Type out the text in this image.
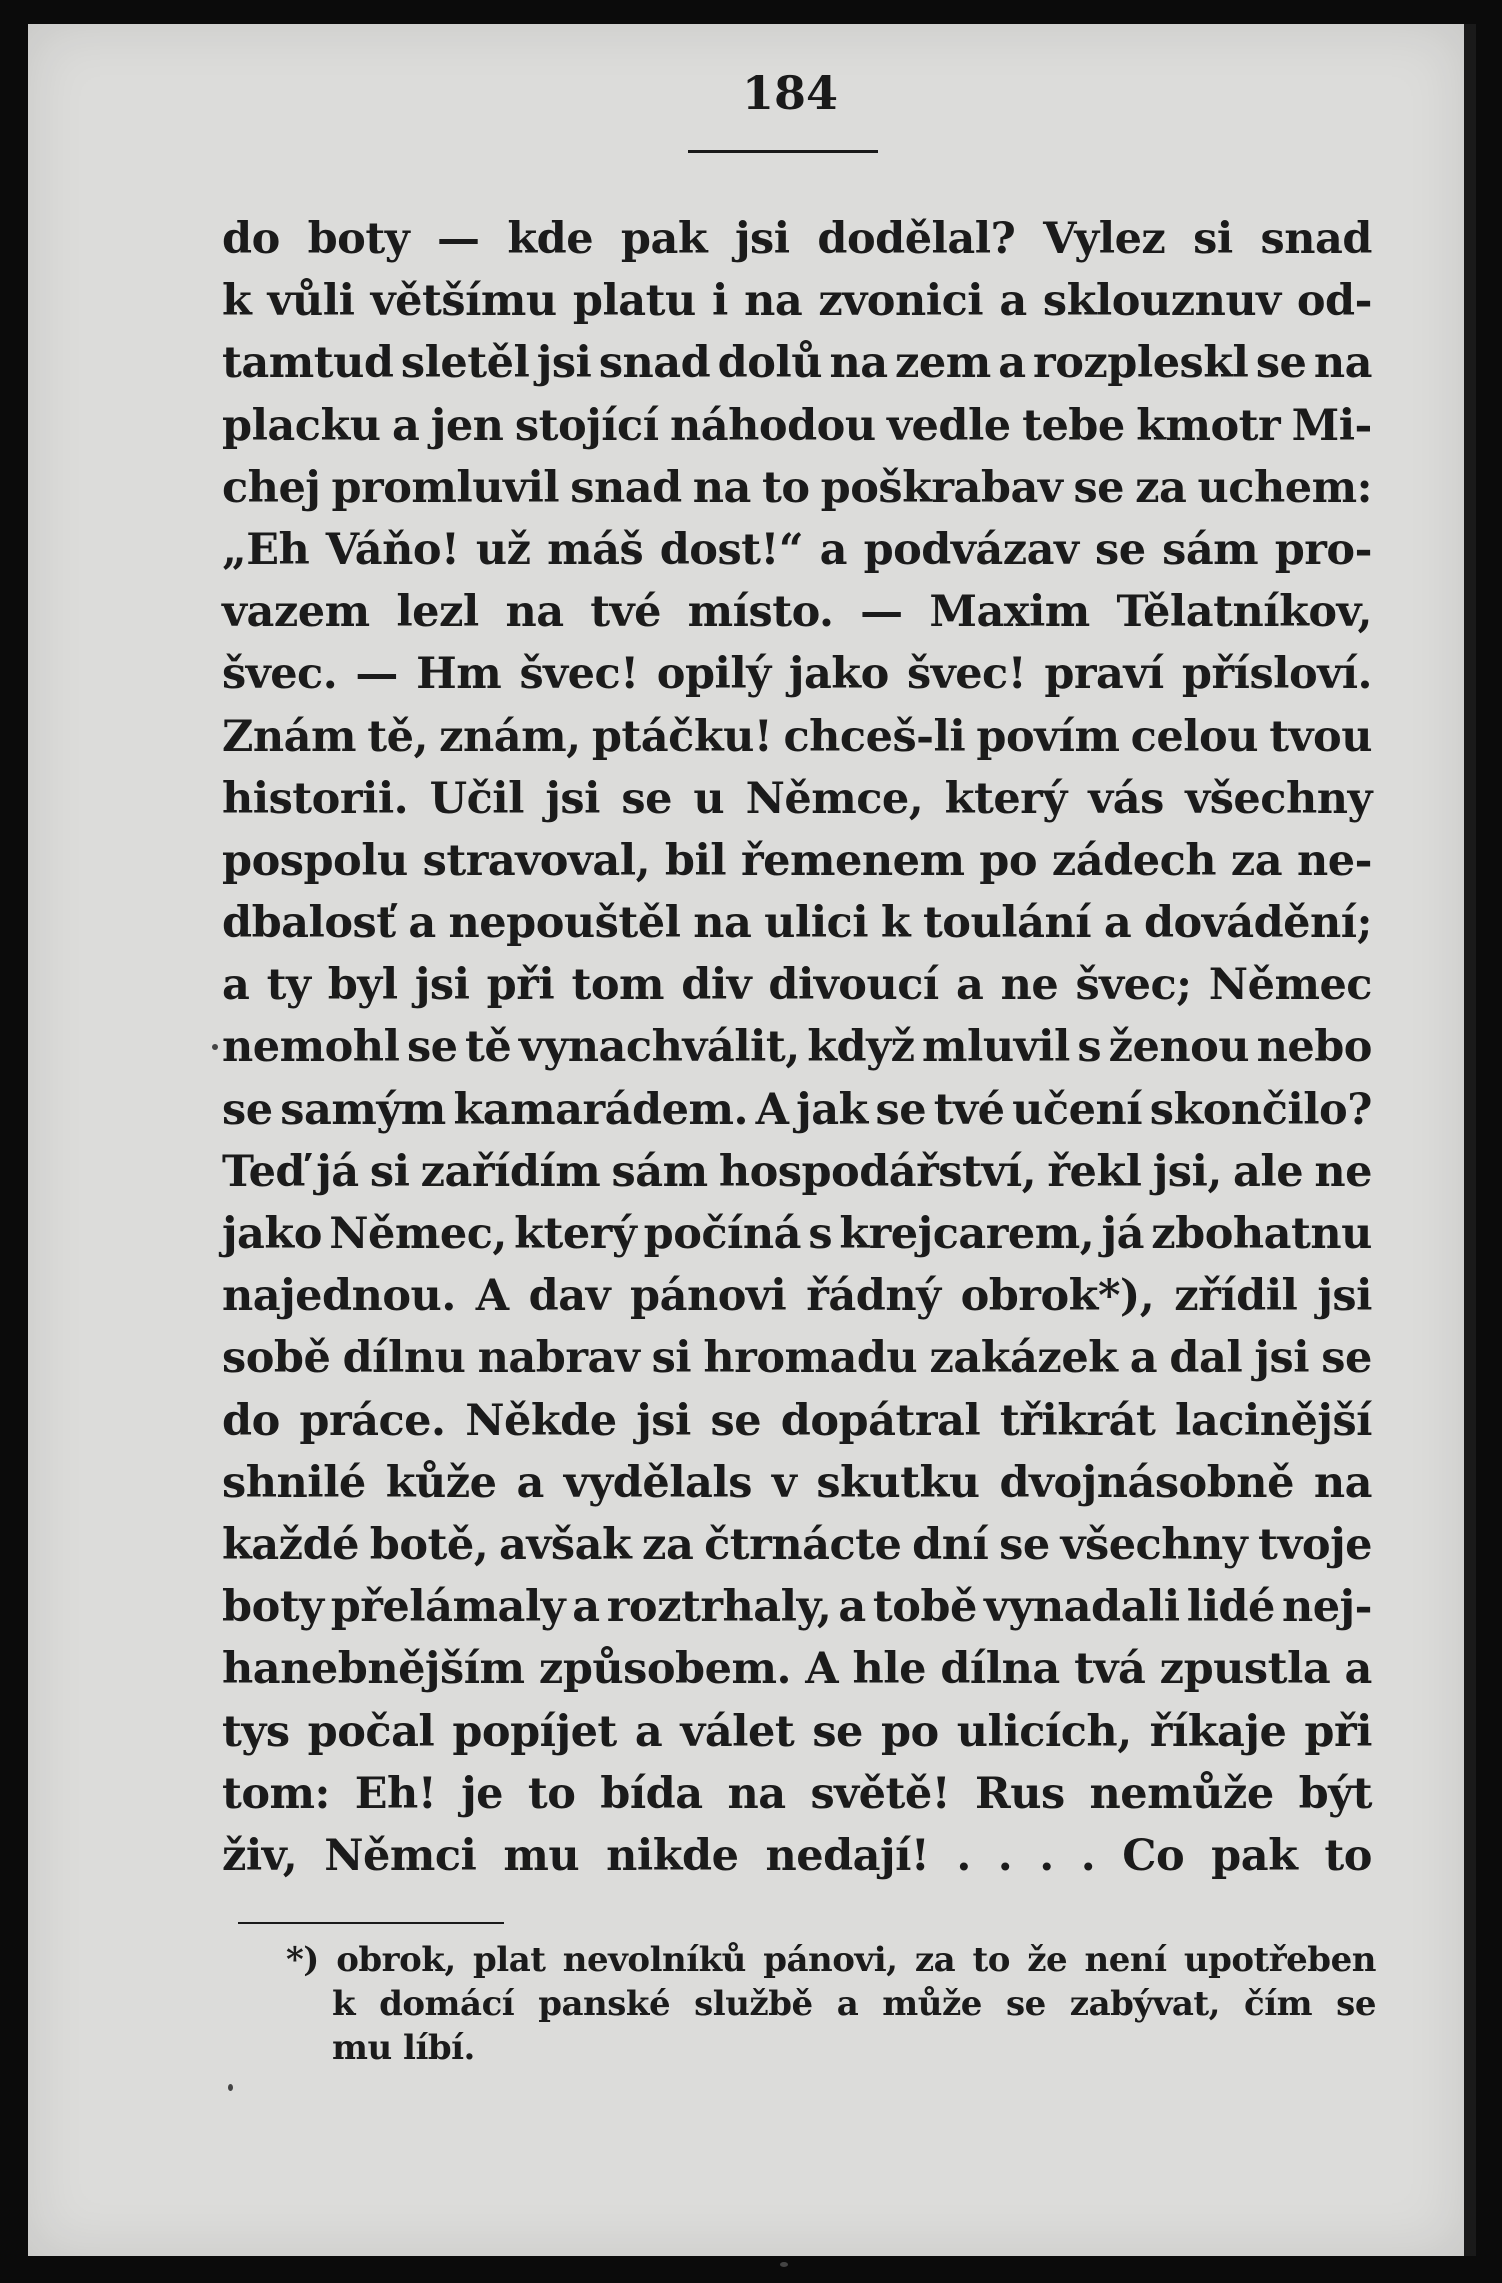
184
do boty — kde pak jsi dodělal? Vylez si snad
k vůli většímu platu i na zvonici a sklouznuv od-
tamtud sletěl jsi snad dolů na zem a rozpleskl se na
placku a jen stojící náhodou vedle tebe kmotr Mi-
chej promluvil snad na to poškrabav se za uchem:
„Eh Váňo! už máš dost!“ a podvázav se sám pro-
vazem lezl na tvé místo. — Maxim Tělatníkov,
švec. — Hm švec! opilý jako švec! praví přísloví.
Znám tě, znám, ptáčku! chceš-li povím celou tvou
historii. Učil jsi se u Němce, který vás všechny
pospolu stravoval, bil řemenem po zádech za ne-
dbalosť a nepouštěl na ulici k toulání a dovádění;
a ty byl jsi při tom div divoucí a ne švec; Němec
nemohl se tě vynachválit, když mluvil s ženou nebo
se samým kamarádem. A jak se tvé učení skončilo?
Teď já si zařídím sám hospodářství, řekl jsi, ale ne
jako Němec, který počíná s krejcarem, já zbohatnu
najednou. A dav pánovi řádný obrok*), zřídil jsi
sobě dílnu nabrav si hromadu zakázek a dal jsi se
do práce. Někde jsi se dopátral třikrát lacinější
shnilé kůže a vydělals v skutku dvojnásobně na
každé botě, avšak za čtrnácte dní se všechny tvoje
boty přelámaly a roztrhaly, a tobě vynadali lidé nej-
hanebnějším způsobem. A hle dílna tvá zpustla a
tys počal popíjet a válet se po ulicích, říkaje při
tom: Eh! je to bída na světě! Rus nemůže být
živ, Němci mu nikde nedají! . . . . Co pak to
*) obrok, plat nevolníků pánovi, za to že není upotřeben
k domácí panské službě a může se zabývat, čím se
mu líbí.
